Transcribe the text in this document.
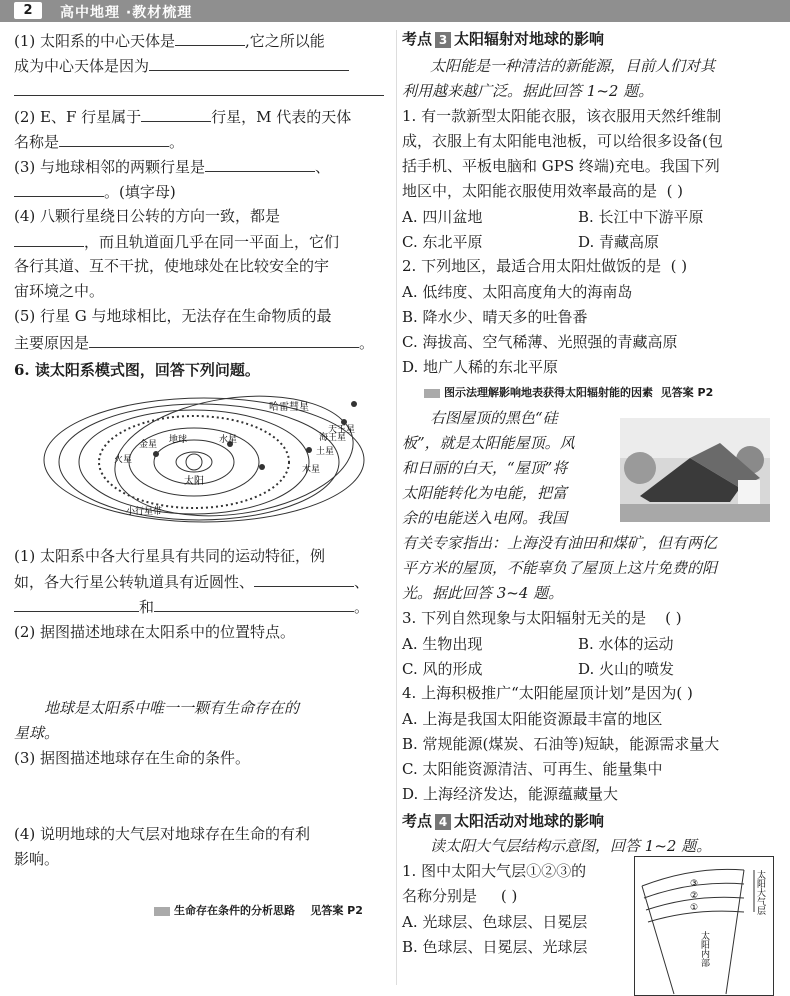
2	高中地理 ·教材梳理
(1) 太阳系的中心天体是	,它之所以能
成为中心天体是因为
(2) E、F 行星属于	行星，M 代表的天体
名称是	。
(3) 与地球相邻的两颗行星是	、
。(填字母)
(4) 八颗行星绕日公转的方向一致，都是
，而且轨道面几乎在同一平面上，它们
各行其道、互不干扰，使地球处在比较安全的宇
宙环境之中。
(5) 行星 G 与地球相比，无法存在生命物质的最
主要原因是	。
6. 读太阳系模式图，回答下列问题。
太阳
哈雷彗星
水星
金星 地球
火星
木星
土星
天王星
海王星
小行星带
(1) 太阳系中各大行星具有共同的运动特征，例
如，各大行星公转轨道具有近圆性、	、
和	。
(2) 据图描述地球在太阳系中的位置特点。
地球是太阳系中唯一一颗有生命存在的
星球。
(3) 据图描述地球存在生命的条件。
(4) 说明地球的大气层对地球存在生命的有利
影响。
生命存在条件的分析思路 见答案 P2
考点 3 太阳辐射对地球的影响
太阳能是一种清洁的新能源，目前人们对其
利用越来越广泛。据此回答 1~2 题。
1. 有一款新型太阳能衣服，该衣服用天然纤维制
成，衣服上有太阳能电池板，可以给很多设备(包
括手机、平板电脑和 GPS 终端)充电。我国下列
地区中，太阳能衣服使用效率最高的是 ( )
A. 四川盆地	B. 长江中下游平原
C. 东北平原	D. 青藏高原
2. 下列地区，最适合用太阳灶做饭的是 ( )
A. 低纬度、太阳高度角大的海南岛
B. 降水少、晴天多的吐鲁番
C. 海拔高、空气稀薄、光照强的青藏高原
D. 地广人稀的东北平原
图示法理解影响地表获得太阳辐射能的因素 见答案 P2
右图屋顶的黑色“硅
板”，就是太阳能屋顶。风
和日丽的白天，“屋顶”将
太阳能转化为电能，把富
余的电能送入电网。我国
有关专家指出：上海没有油田和煤矿，但有两亿
平方米的屋顶，不能辜负了屋顶上这片免费的阳
光。据此回答 3~4 题。
3. 下列自然现象与太阳辐射无关的是 ( )
A. 生物出现	B. 水体的运动
C. 风的形成	D. 火山的喷发
4. 上海积极推广“太阳能屋顶计划”是因为( )
A. 上海是我国太阳能资源最丰富的地区
B. 常规能源(煤炭、石油等)短缺，能源需求量大
C. 太阳能资源清洁、可再生、能量集中
D. 上海经济发达，能源蕴藏量大
考点 4 太阳活动对地球的影响
读太阳大气层结构示意图，回答 1~2 题。
1. 图中太阳大气层①②③的
名称分别是 ( )
A. 光球层、色球层、日冕层
B. 色球层、日冕层、光球层
③
②
①	太阳大气层
太阳内部
